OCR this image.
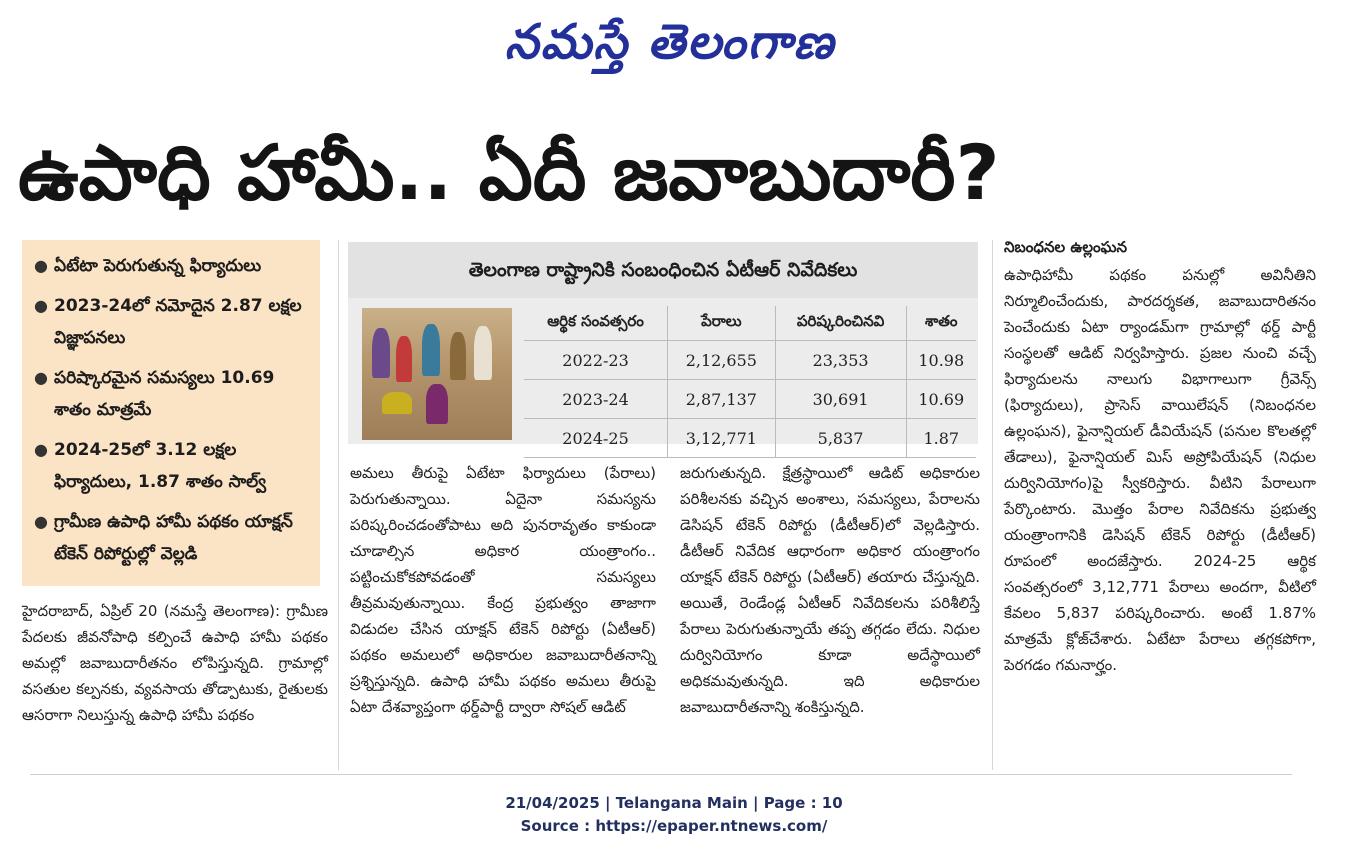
నమస్తే తెలంగాణ
ఉపాధి హామీ.. ఏదీ జవాబుదారీ?
● ఏటేటా పెరుగుతున్న ఫిర్యాదులు
● 2023-24లో నమోదైన 2.87 లక్షల విజ్ఞాపనలు
● పరిష్కారమైన సమస్యలు 10.69 శాతం మాత్రమే
● 2024-25లో 3.12 లక్షల ఫిర్యాదులు, 1.87 శాతం సాల్వ్
● గ్రామీణ ఉపాధి హామీ పథకం యాక్షన్ టేకెన్ రిపోర్టుల్లో వెల్లడి
తెలంగాణ రాష్ట్రానికి సంబంధించిన ఏటీఆర్ నివేదికలు
ఆర్థిక సంవత్సరం	పేరాలు	పరిష్కరించినవి	శాతం
2022-23	2,12,655	23,353	10.98
2023-24	2,87,137	30,691	10.69
2024-25	3,12,771	5,837	1.87
హైదరాబాద్, ఏప్రిల్ 20 (నమస్తే తెలంగాణ): గ్రామీణ పేదలకు జీవనోపాధి కల్పించే ఉపాధి హామీ పథకం అమల్లో జవాబుదారీతనం లోపిస్తున్నది. గ్రామాల్లో వసతుల కల్పనకు, వ్యవసాయ తోడ్పాటుకు, రైతులకు ఆసరాగా నిలుస్తున్న ఉపాధి హామీ పథకం
అమలు తీరుపై ఏటేటా ఫిర్యాదులు (పేరాలు) పెరుగుతున్నాయి. ఏదైనా సమస్యను పరిష్కరించడంతోపాటు అది పునరావృతం కాకుండా చూడాల్సిన అధికార యంత్రాంగం.. పట్టించుకోకపోవడంతో సమస్యలు తీవ్రమవుతున్నాయి. కేంద్ర ప్రభుత్వం తాజాగా విడుదల చేసిన యాక్షన్ టేకెన్ రిపోర్టు (ఏటీఆర్) పథకం అమలులో అధికారుల జవాబుదారీతనాన్ని ప్రశ్నిస్తున్నది. ఉపాధి హామీ పథకం అమలు తీరుపై ఏటా దేశవ్యాప్తంగా థర్డ్‌పార్టీ ద్వారా సోషల్ ఆడిట్
జరుగుతున్నది. క్షేత్రస్థాయిలో ఆడిట్ అధికారుల పరిశీలనకు వచ్చిన అంశాలు, సమస్యలు, పేరాలను డెసిషన్ టేకెన్ రిపోర్టు (డీటీఆర్)లో వెల్లడిస్తారు. డీటీఆర్ నివేదిక ఆధారంగా అధికార యంత్రాంగం యాక్షన్ టేకెన్ రిపోర్టు (ఏటీఆర్) తయారు చేస్తున్నది. అయితే, రెండేండ్ల ఏటీఆర్ నివేదికలను పరిశీలిస్తే పేరాలు పెరుగుతున్నాయే తప్ప తగ్గడం లేదు. నిధుల దుర్వినియోగం కూడా అదేస్థాయిలో అధికమవుతున్నది. ఇది అధికారుల జవాబుదారీతనాన్ని శంకిస్తున్నది.
నిబంధనల ఉల్లంఘన
ఉపాధిహామీ పథకం పనుల్లో అవినీతిని నిర్మూలించేందుకు, పారదర్శకత, జవాబుదారితనం పెంచేందుకు ఏటా ర్యాండమ్‌గా గ్రామాల్లో థర్డ్ పార్టీ సంస్థలతో ఆడిట్ నిర్వహిస్తారు. ప్రజల నుంచి వచ్చే ఫిర్యాదులను నాలుగు విభాగాలుగా గ్రీవెన్స్ (ఫిర్యాదులు), ప్రాసెస్ వాయిలేషన్ (నిబంధనల ఉల్లంఘన), ఫైనాన్షియల్ డీవియేషన్ (పనుల కొలతల్లో తేడాలు), ఫైనాన్షియల్ మిస్ అప్రోపియేషన్ (నిధుల దుర్వినియోగం)పై స్వీకరిస్తారు. వీటిని పేరాలుగా పేర్కొంటారు. మొత్తం పేరాల నివేదికను ప్రభుత్వ యంత్రాంగానికి డెసిషన్ టేకెన్ రిపోర్టు (డీటీఆర్) రూపంలో అందజేస్తారు. 2024-25 ఆర్థిక సంవత్సరంలో 3,12,771 పేరాలు అందగా, వీటిలో కేవలం 5,837 పరిష్కరించారు. అంటే 1.87% మాత్రమే క్లోజ్‌చేశారు. ఏటేటా పేరాలు తగ్గకపోగా, పెరగడం గమనార్హం.
21/04/2025 | Telangana Main | Page : 10
Source : https://epaper.ntnews.com/
